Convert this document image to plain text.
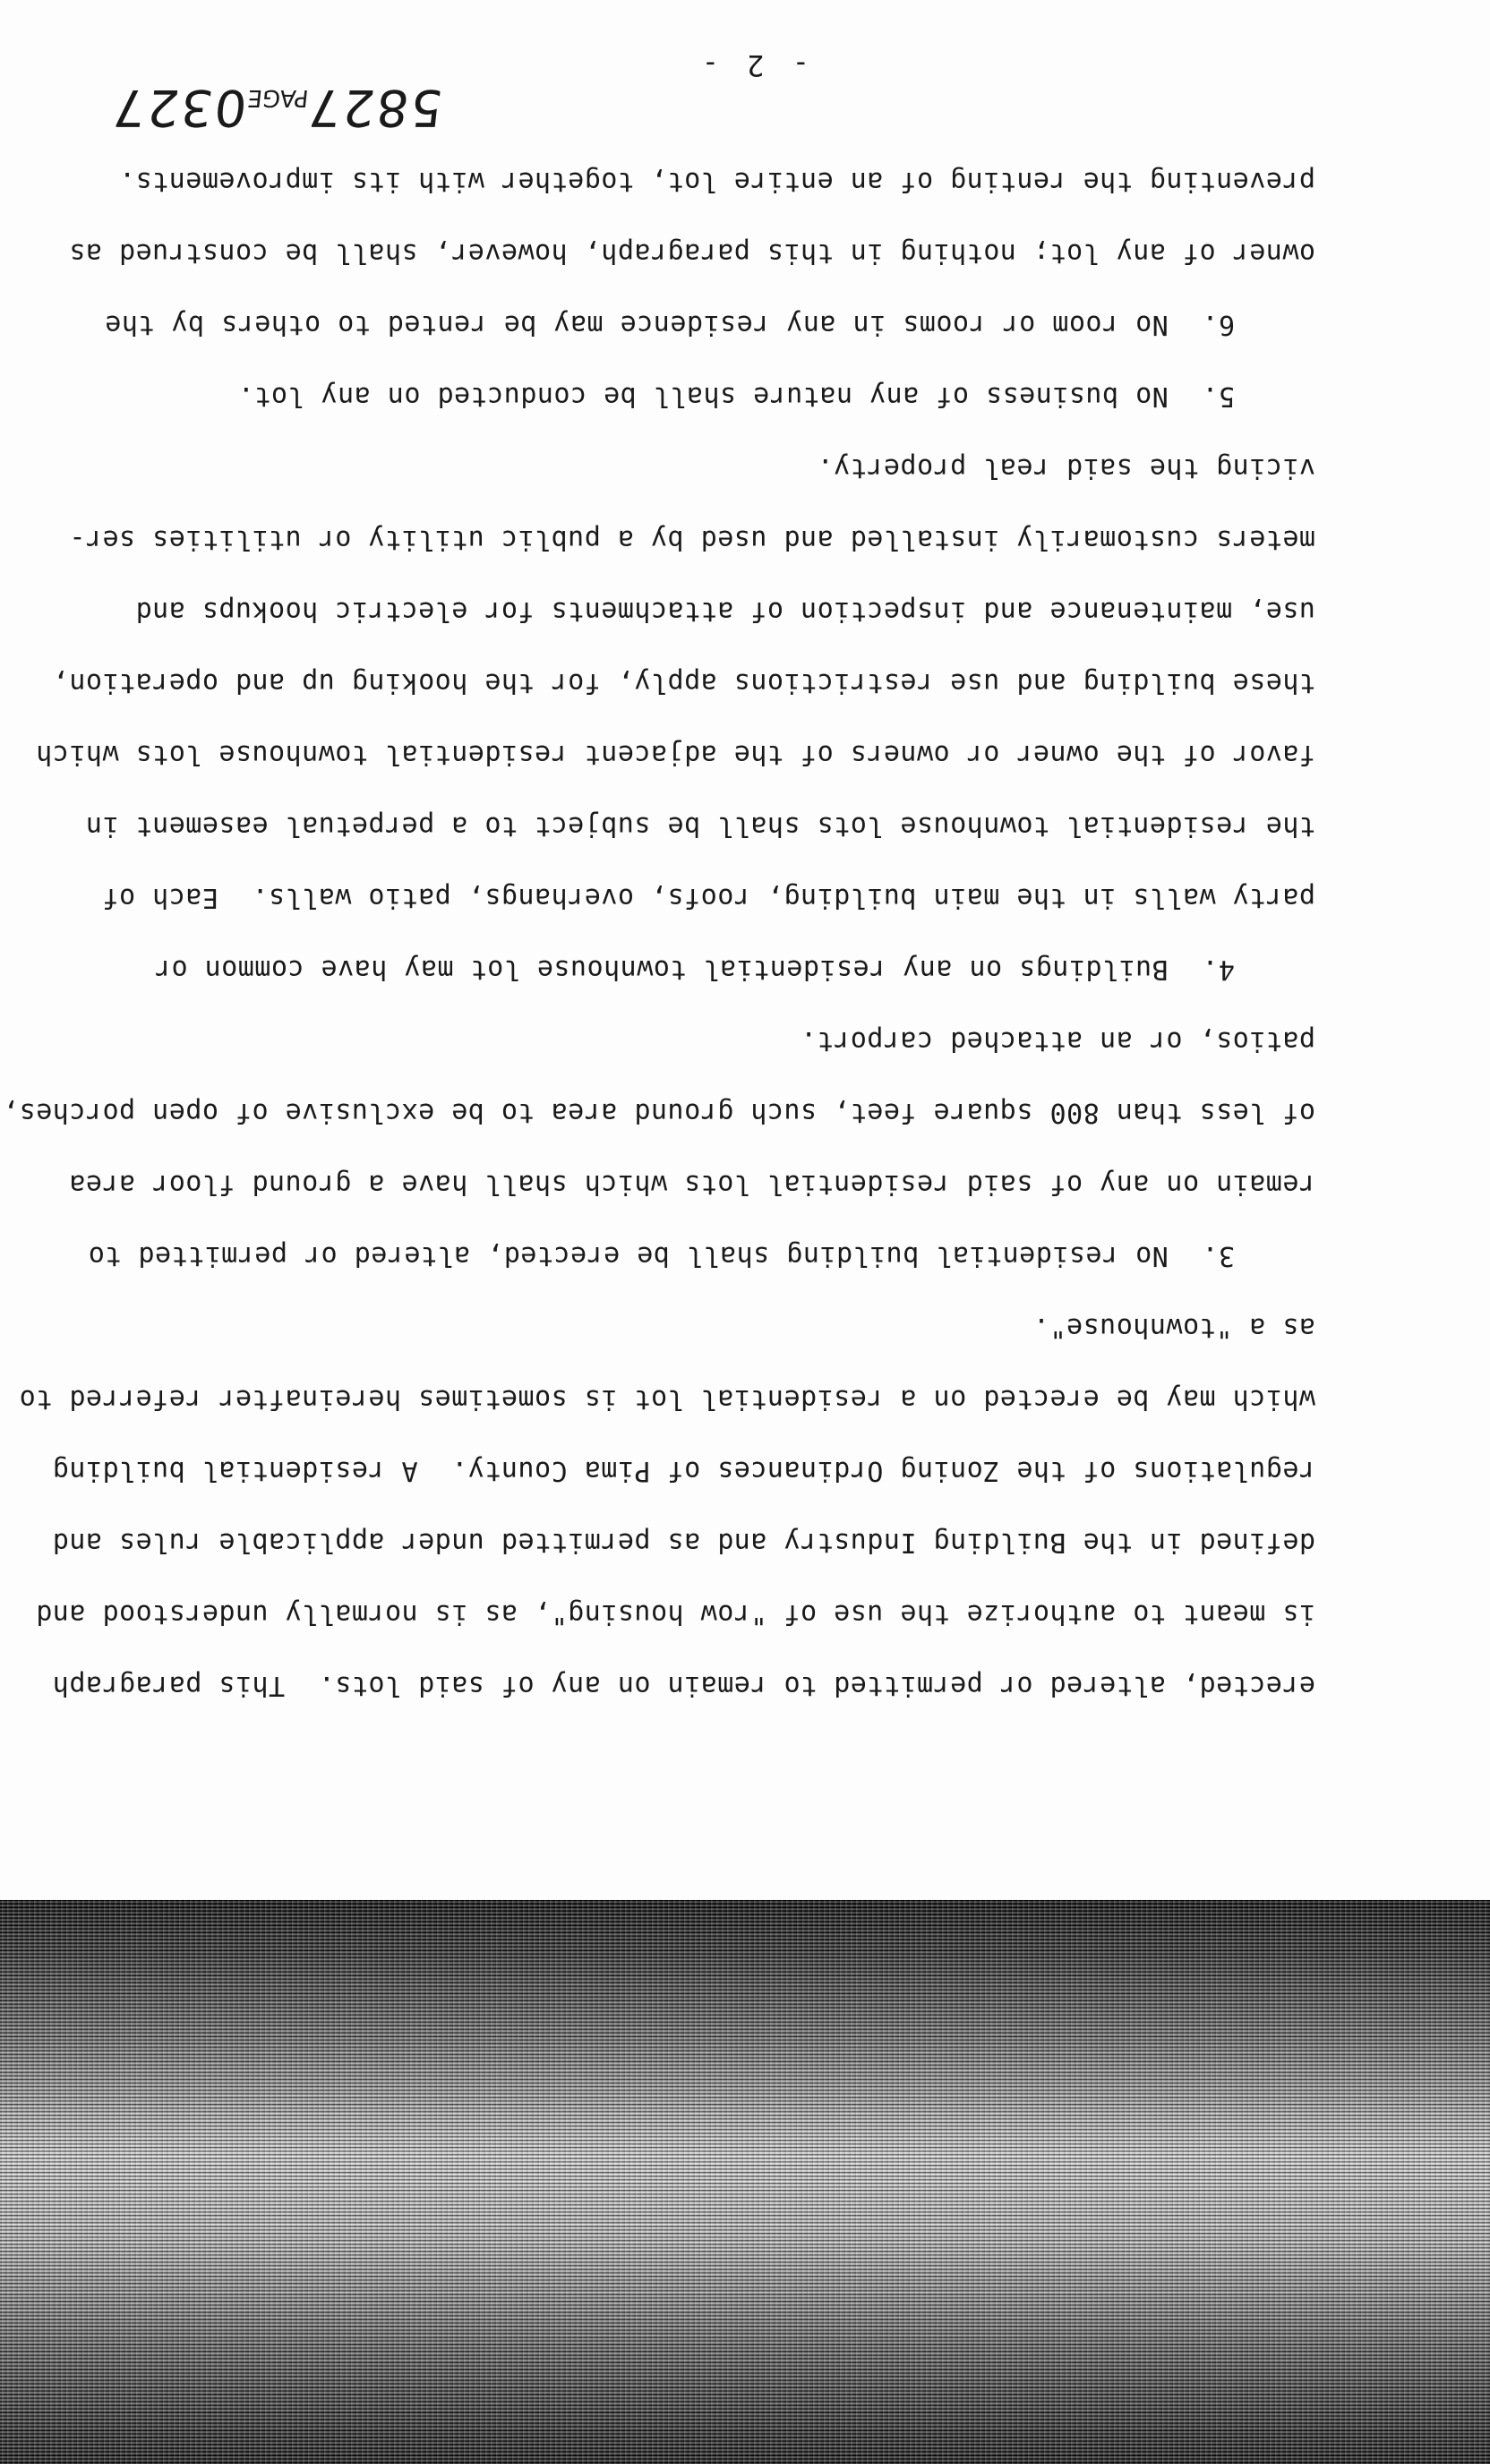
erected, altered or permitted to remain on any of said lots.  This paragraph

is meant to authorize the use of "row housing", as is normally understood and

defined in the Building Industry and as permitted under applicable rules and

regulations of the Zoning Ordinances of Pima County.  A residential building

which may be erected on a residential lot is sometimes hereinafter referred to

as a "townhouse".

3.  No residential building shall be erected, altered or permitted to

remain on any of said residential lots which shall have a ground floor area

of less than 800 square feet, such ground area to be exclusive of open porches,

patios, or an attached carport.

4.  Buildings on any residential townhouse lot may have common or

party walls in the main building, roofs, overhangs, patio walls.  Each of

the residential townhouse lots shall be subject to a perpetual easement in

favor of the owner or owners of the adjacent residential townhouse lots which

these building and use restrictions apply, for the hooking up and operation,

use, maintenance and inspection of attachments for electric hookups and

meters customarily installed and used by a public utility or utilities ser-

vicing the said real property.

5.  No business of any nature shall be conducted on any lot.

6.  No room or rooms in any residence may be rented to others by the

owner of any lot; nothing in this paragraph, however, shall be construed as

preventing the renting of an entire lot, together with its improvements.

5827PAGE0327
- 2 -
